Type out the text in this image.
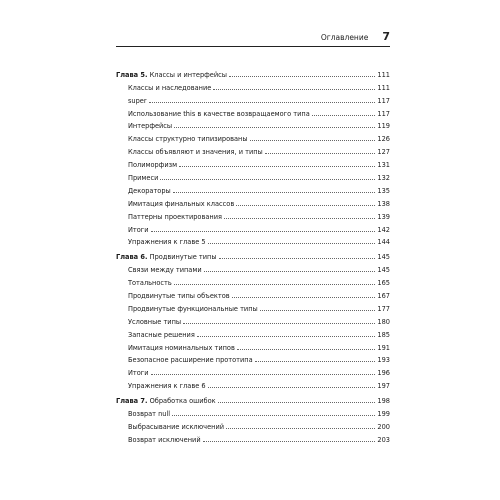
Оглавление 7
Глава 5. Классы и интерфейсы	111
Классы и наследование	111
super	117
Использование this в качестве возвращаемого типа	117
Интерфейсы	119
Классы структурно типизированы	126
Классы объявляют и значения, и типы	127
Полиморфизм	131
Примеси	132
Декораторы	135
Имитация финальных классов	138
Паттерны проектирования	139
Итоги	142
Упражнения к главе 5	144
Глава 6. Продвинутые типы	145
Связи между типами	145
Тотальность	165
Продвинутые типы объектов	167
Продвинутые функциональные типы	177
Условные типы	180
Запасные решения	185
Имитация номинальных типов	191
Безопасное расширение прототипа	193
Итоги	196
Упражнения к главе 6	197
Глава 7. Обработка ошибок	198
Возврат null	199
Выбрасывание исключений	200
Возврат исключений	203
